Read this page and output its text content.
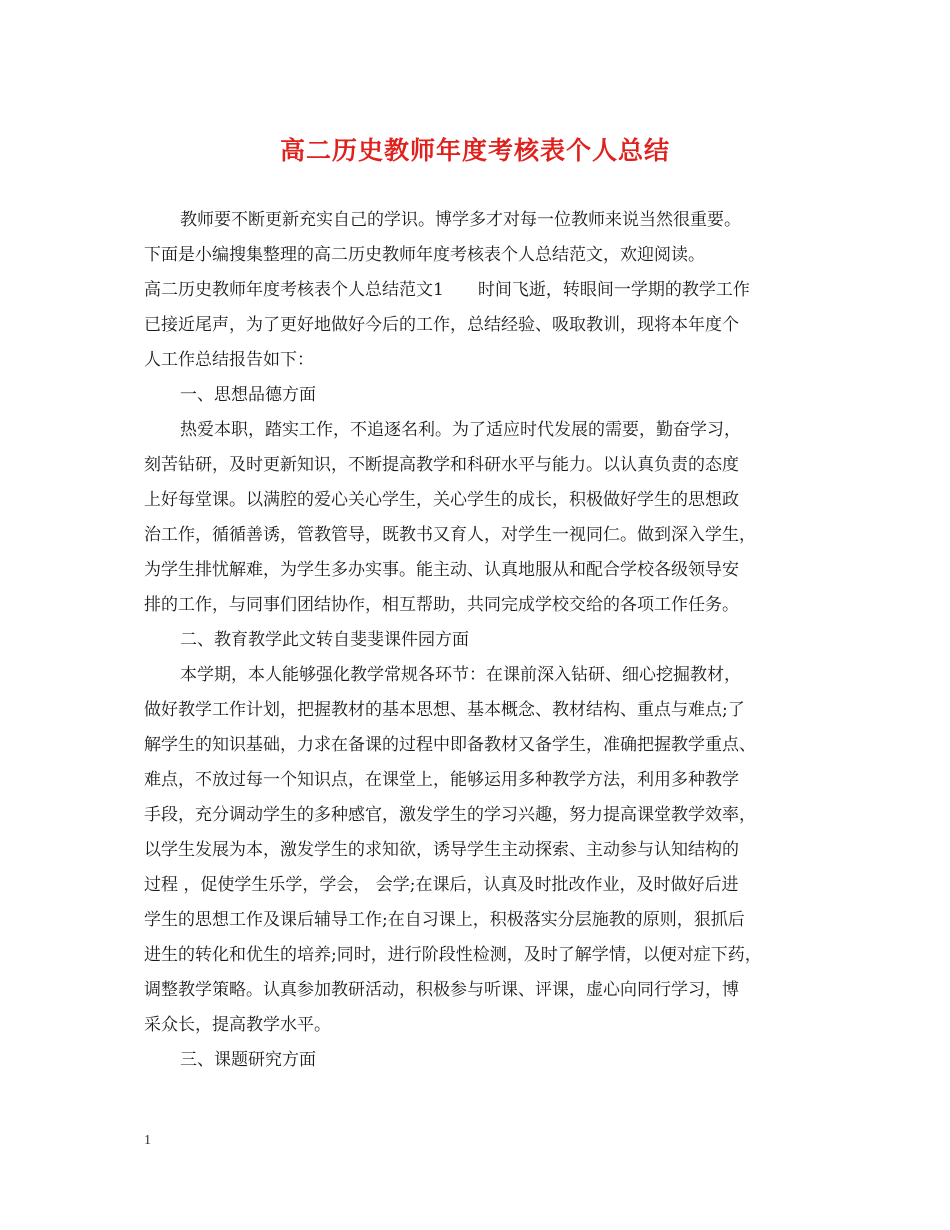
高二历史教师年度考核表个人总结
教师要不断更新充实自己的学识。博学多才对每一位教师来说当然很重要。
下面是小编搜集整理的高二历史教师年度考核表个人总结范文，欢迎阅读。
高二历史教师年度考核表个人总结范文1　　时间飞逝，转眼间一学期的教学工作
已接近尾声，为了更好地做好今后的工作，总结经验、吸取教训，现将本年度个
人工作总结报告如下：
一、思想品德方面
热爱本职，踏实工作，不追逐名利。为了适应时代发展的需要，勤奋学习，
刻苦钻研，及时更新知识，不断提高教学和科研水平与能力。以认真负责的态度
上好每堂课。以满腔的爱心关心学生，关心学生的成长，积极做好学生的思想政
治工作，循循善诱，管教管导，既教书又育人，对学生一视同仁。做到深入学生，
为学生排忧解难，为学生多办实事。能主动、认真地服从和配合学校各级领导安
排的工作，与同事们团结协作，相互帮助，共同完成学校交给的各项工作任务。
二、教育教学此文转自斐斐课件园方面
本学期，本人能够强化教学常规各环节：在课前深入钻研、细心挖掘教材，
做好教学工作计划，把握教材的基本思想、基本概念、教材结构、重点与难点;了
解学生的知识基础，力求在备课的过程中即备教材又备学生，准确把握教学重点、
难点，不放过每一个知识点，在课堂上，能够运用多种教学方法，利用多种教学
手段，充分调动学生的多种感官，激发学生的学习兴趣，努力提高课堂教学效率，
以学生发展为本，激发学生的求知欲，诱导学生主动探索、主动参与认知结构的
过程 ，促使学生乐学，学会， 会学;在课后，认真及时批改作业，及时做好后进
学生的思想工作及课后辅导工作;在自习课上，积极落实分层施教的原则，狠抓后
进生的转化和优生的培养;同时，进行阶段性检测，及时了解学情，以便对症下药，
调整教学策略。认真参加教研活动，积极参与听课、评课，虚心向同行学习，博
采众长，提高教学水平。
三、课题研究方面
1
